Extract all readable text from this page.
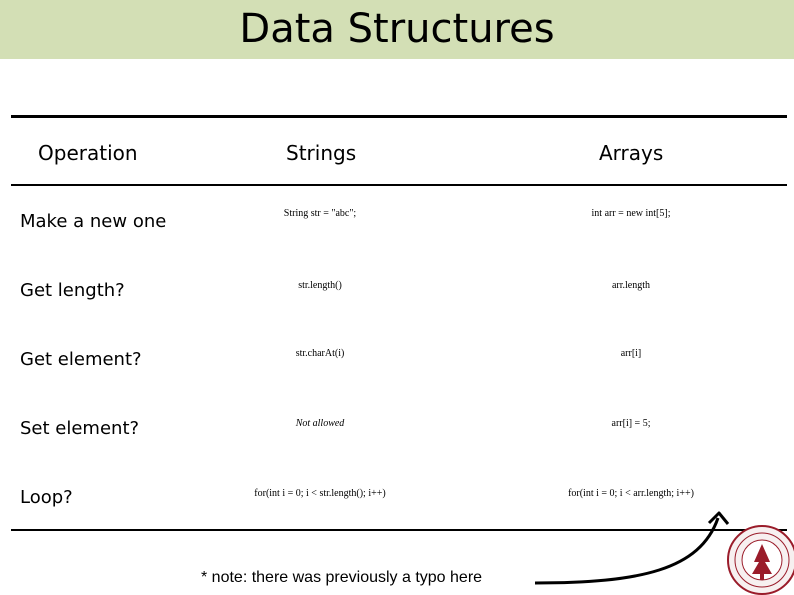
Data Structures
Operation	Strings	Arrays
Make a new one	String str = "abc";	int arr = new int[5];
Get length?	str.length()	arr.length
Get element?	str.charAt(i)	arr[i]
Set element?	Not allowed	arr[i] = 5;
Loop?	for(int i = 0; i < str.length(); i++)	for(int i = 0; i < arr.length; i++)
* note: there was previously a typo here
